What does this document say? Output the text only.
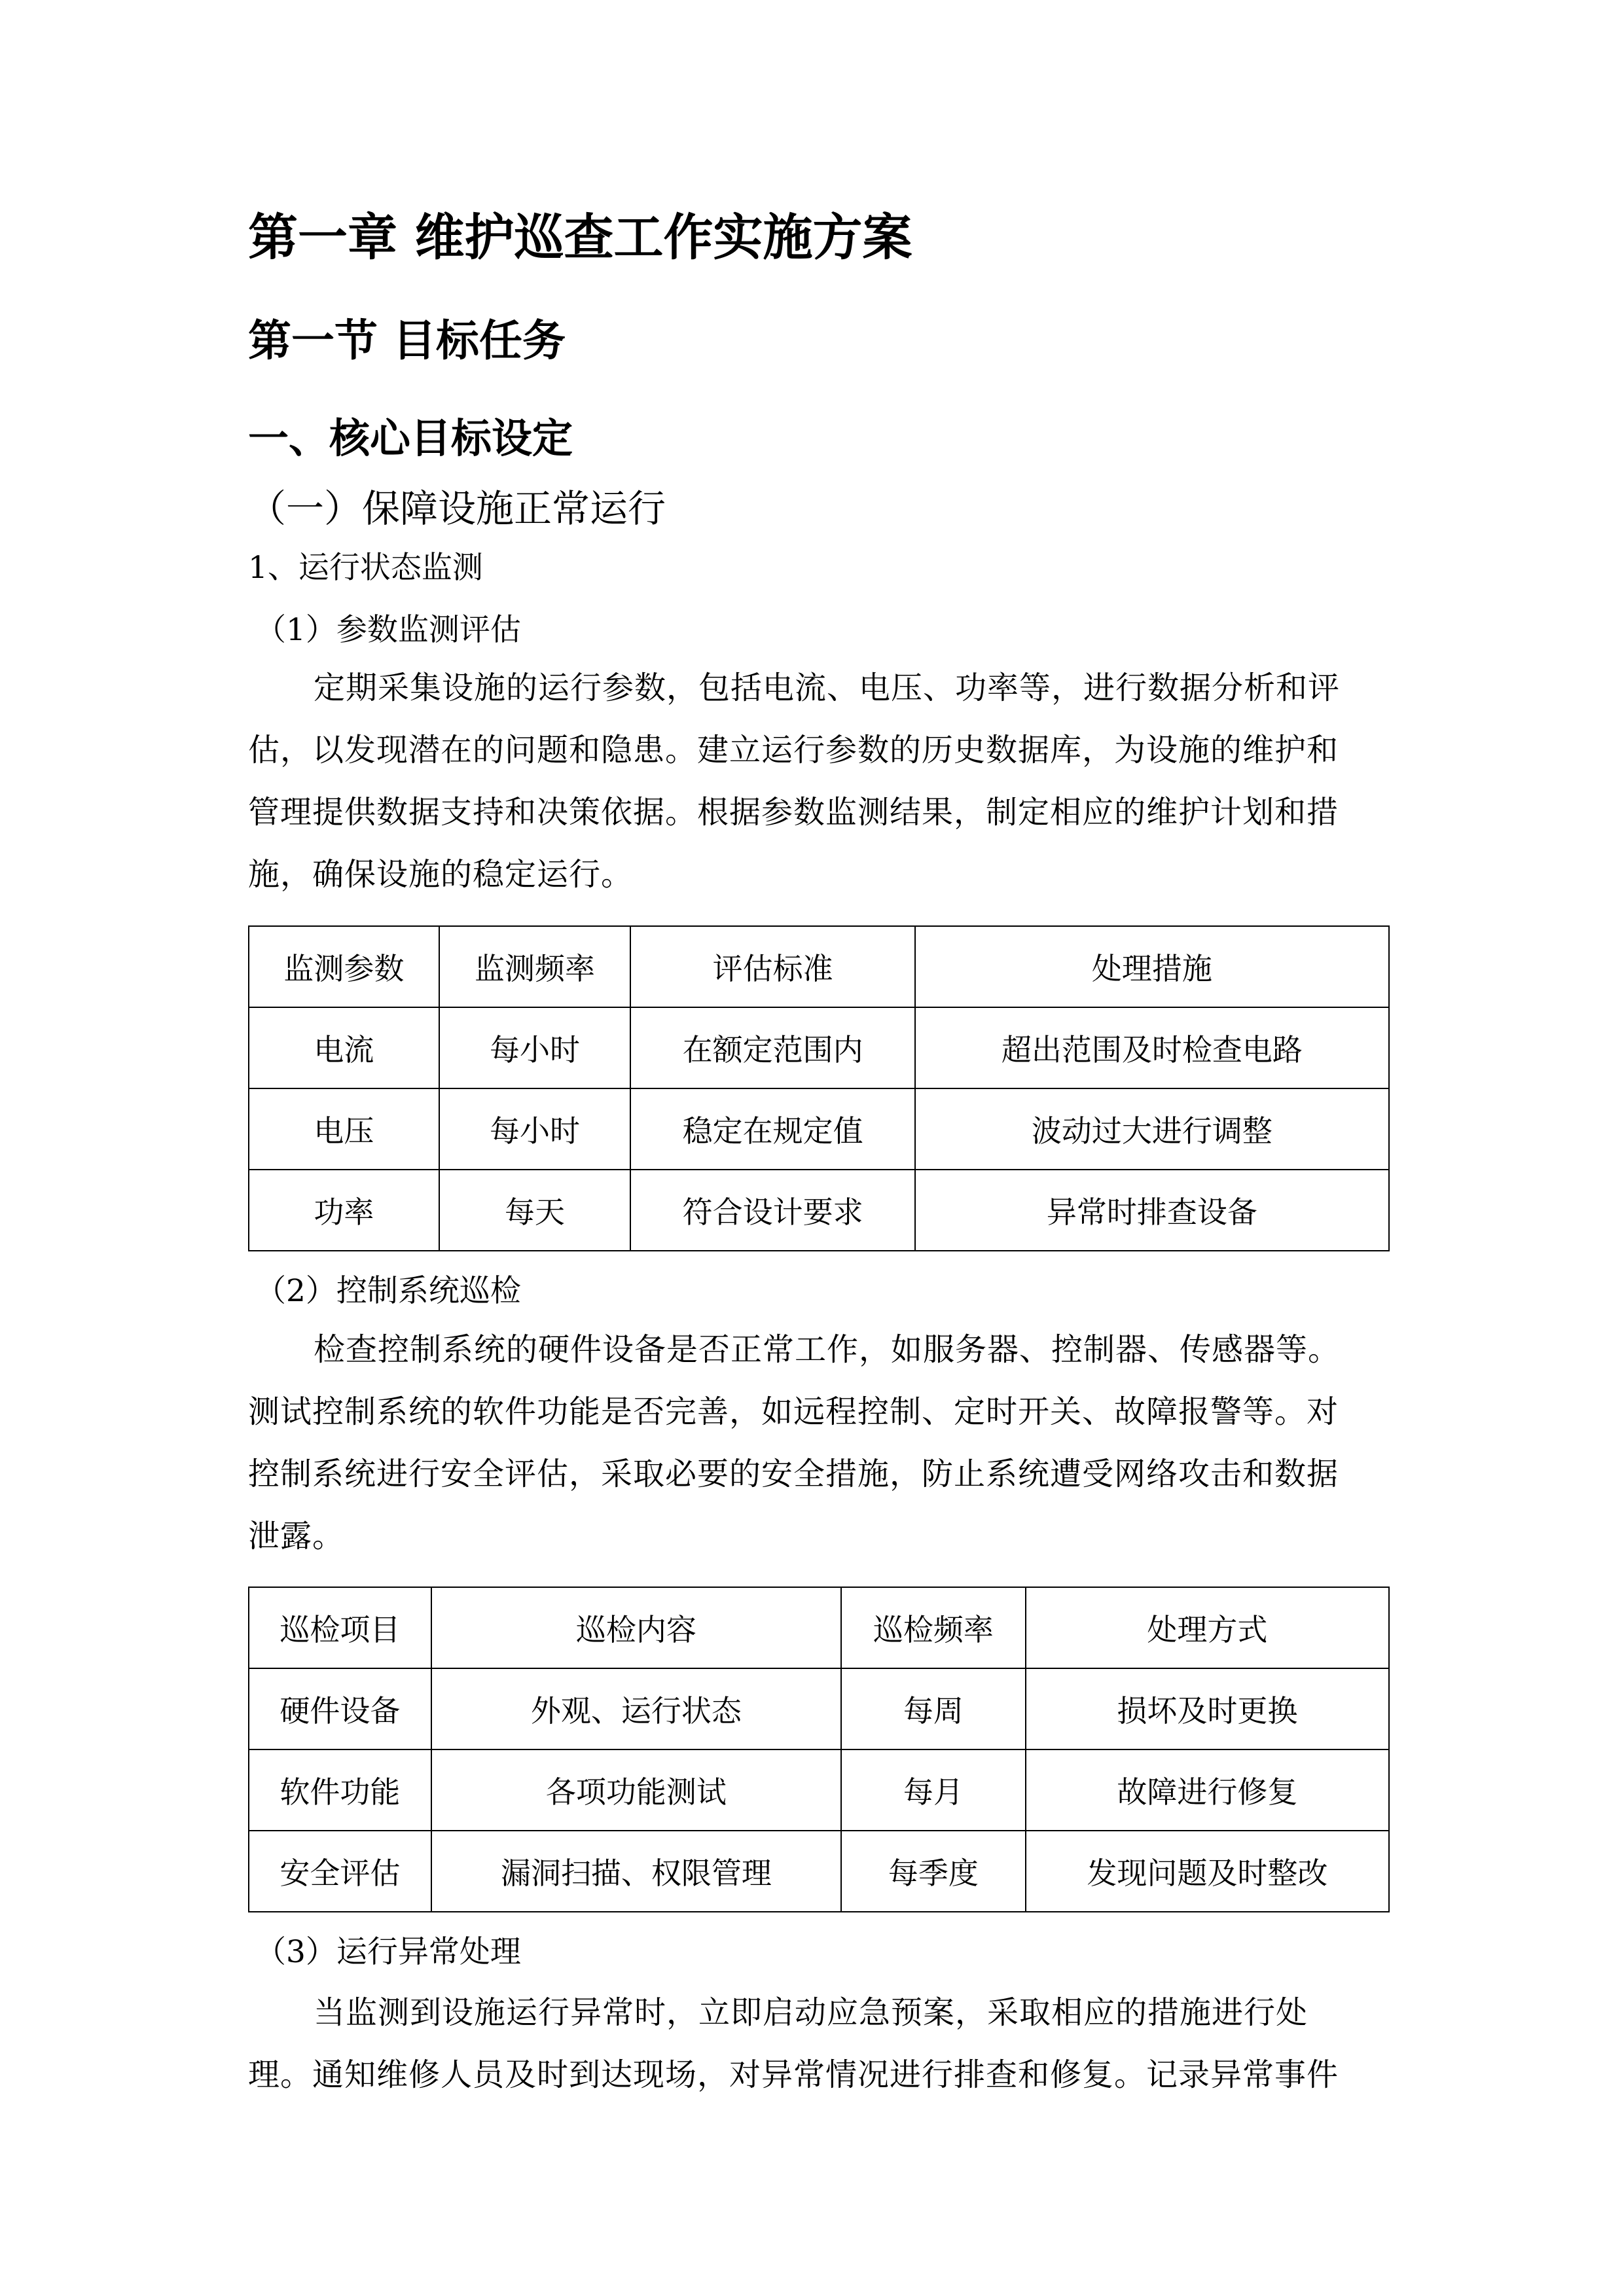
第一章 维护巡查工作实施方案
第一节 目标任务
一、核心目标设定
（一）保障设施正常运行
1、运行状态监测
（1）参数监测评估
定期采集设施的运行参数，包括电流、电压、功率等，进行数据分析和评
估，以发现潜在的问题和隐患。建立运行参数的历史数据库，为设施的维护和
管理提供数据支持和决策依据。根据参数监测结果，制定相应的维护计划和措
施，确保设施的稳定运行。
监测参数	监测频率	评估标准	处理措施
电流	每小时	在额定范围内	超出范围及时检查电路
电压	每小时	稳定在规定值	波动过大进行调整
功率	每天	符合设计要求	异常时排查设备
（2）控制系统巡检
检查控制系统的硬件设备是否正常工作，如服务器、控制器、传感器等。
测试控制系统的软件功能是否完善，如远程控制、定时开关、故障报警等。对
控制系统进行安全评估，采取必要的安全措施，防止系统遭受网络攻击和数据
泄露。
巡检项目	巡检内容	巡检频率	处理方式
硬件设备	外观、运行状态	每周	损坏及时更换
软件功能	各项功能测试	每月	故障进行修复
安全评估	漏洞扫描、权限管理	每季度	发现问题及时整改
（3）运行异常处理
当监测到设施运行异常时，立即启动应急预案，采取相应的措施进行处
理。通知维修人员及时到达现场，对异常情况进行排查和修复。记录异常事件
